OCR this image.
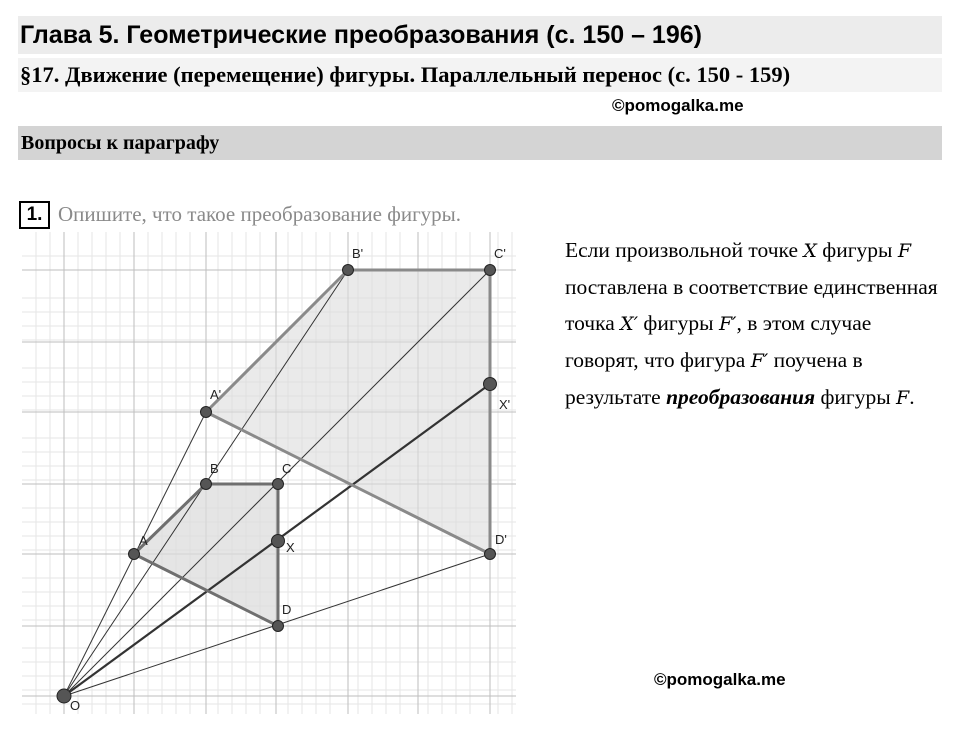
Глава 5. Геометрические преобразования (с. 150 – 196)
§17. Движение (перемещение) фигуры. Параллельный перенос (с. 150 - 159)
©pomogalka.me
Вопросы к параграфу
1. Опишите, что такое преобразование фигуры.
O
A
B	C
D
X
A'
B'	C'
D'
X'
Если произвольной точке X фигуры F поставлена в соответствие единственная точка X′ фигуры F′, в этом случае говорят, что фигура F′ поучена в результате преобразования фигуры F.
©pomogalka.me
